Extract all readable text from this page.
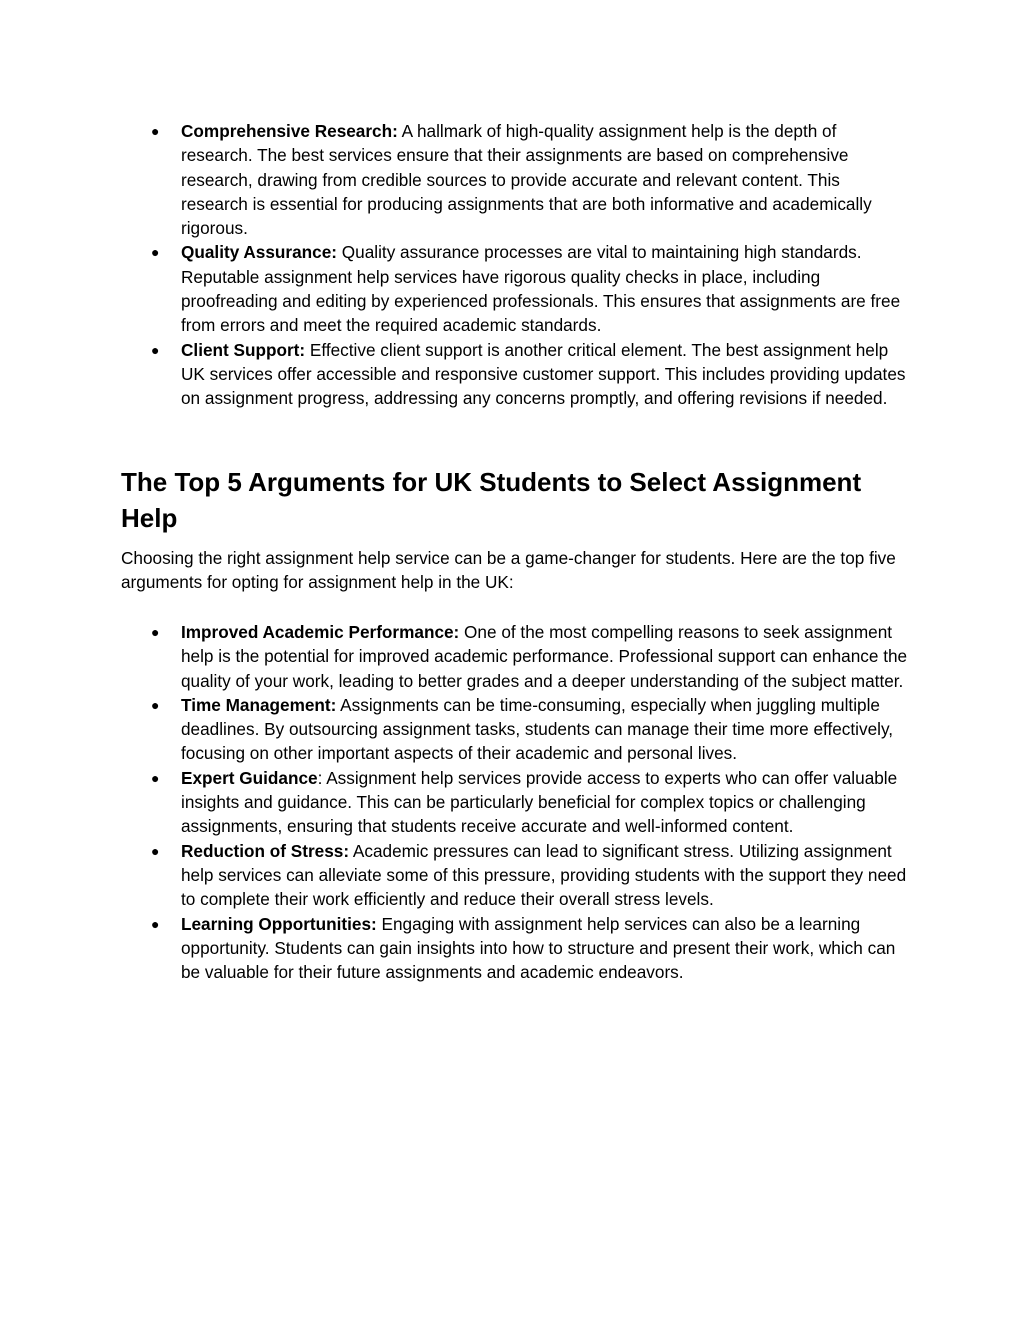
● Comprehensive Research: A hallmark of high-quality assignment help is the depth of research. The best services ensure that their assignments are based on comprehensive research, drawing from credible sources to provide accurate and relevant content. This research is essential for producing assignments that are both informative and academically rigorous.
● Quality Assurance: Quality assurance processes are vital to maintaining high standards. Reputable assignment help services have rigorous quality checks in place, including proofreading and editing by experienced professionals. This ensures that assignments are free from errors and meet the required academic standards.
● Client Support: Effective client support is another critical element. The best assignment help UK services offer accessible and responsive customer support. This includes providing updates on assignment progress, addressing any concerns promptly, and offering revisions if needed.
The Top 5 Arguments for UK Students to Select Assignment Help

Choosing the right assignment help service can be a game-changer for students. Here are the top five arguments for opting for assignment help in the UK:

● Improved Academic Performance: One of the most compelling reasons to seek assignment help is the potential for improved academic performance. Professional support can enhance the quality of your work, leading to better grades and a deeper understanding of the subject matter.
● Time Management: Assignments can be time-consuming, especially when juggling multiple deadlines. By outsourcing assignment tasks, students can manage their time more effectively, focusing on other important aspects of their academic and personal lives.
● Expert Guidance: Assignment help services provide access to experts who can offer valuable insights and guidance. This can be particularly beneficial for complex topics or challenging assignments, ensuring that students receive accurate and well-informed content.
● Reduction of Stress: Academic pressures can lead to significant stress. Utilizing assignment help services can alleviate some of this pressure, providing students with the support they need to complete their work efficiently and reduce their overall stress levels.
● Learning Opportunities: Engaging with assignment help services can also be a learning opportunity. Students can gain insights into how to structure and present their work, which can be valuable for their future assignments and academic endeavors.
